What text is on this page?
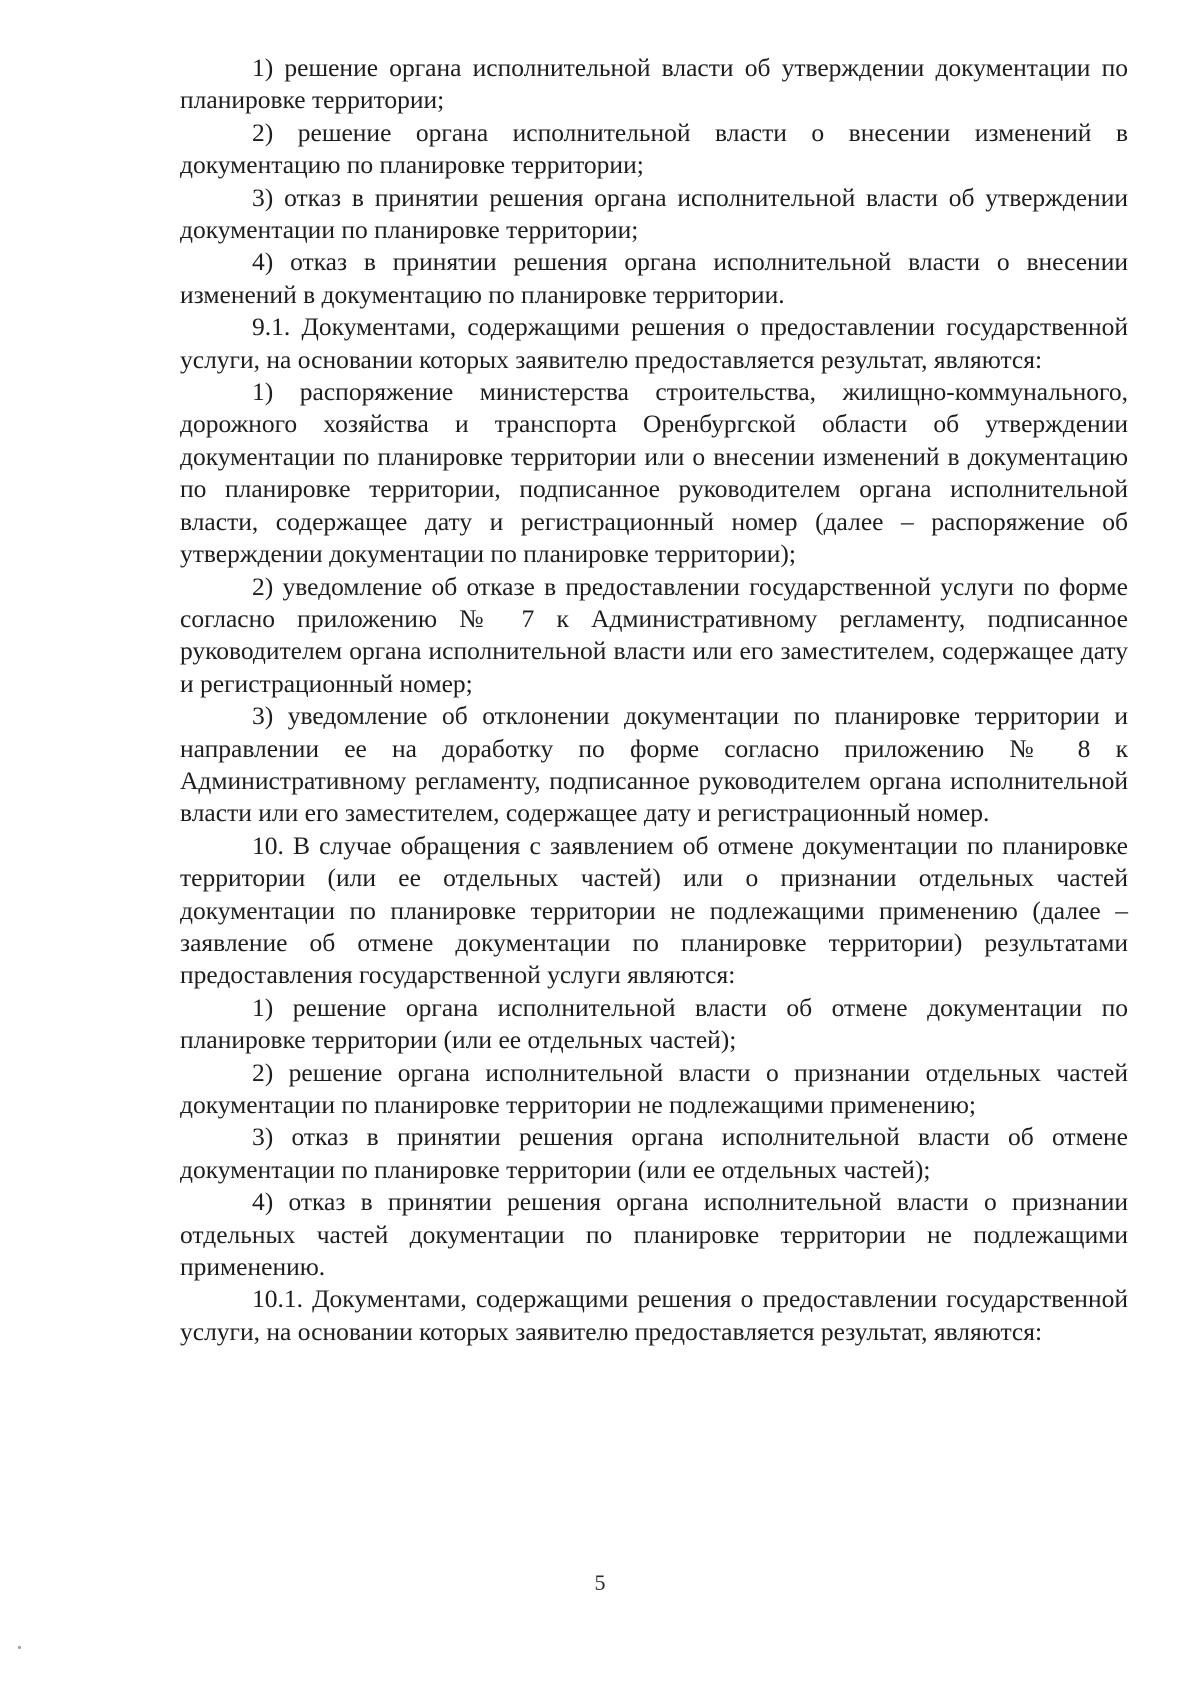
1) решение органа исполнительной власти об утверждении документации по планировке территории;

2) решение органа исполнительной власти о внесении изменений в документацию по планировке территории;

3) отказ в принятии решения органа исполнительной власти об утверждении документации по планировке территории;

4) отказ в принятии решения органа исполнительной власти о внесении изменений в документацию по планировке территории.

9.1. Документами, содержащими решения о предоставлении государственной услуги, на основании которых заявителю предоставляется результат, являются:

1) распоряжение министерства строительства, жилищно-коммунального, дорожного хозяйства и транспорта Оренбургской области об утверждении документации по планировке территории или о внесении изменений в документацию по планировке территории, подписанное руководителем органа исполнительной власти, содержащее дату и регистрационный номер (далее – распоряжение об утверждении документации по планировке территории);

2) уведомление об отказе в предоставлении государственной услуги по форме согласно приложению № 7 к Административному регламенту, подписанное руководителем органа исполнительной власти или его заместителем, содержащее дату и регистрационный номер;

3) уведомление об отклонении документации по планировке территории и направлении ее на доработку по форме согласно приложению № 8 к Административному регламенту, подписанное руководителем органа исполнительной власти или его заместителем, содержащее дату и регистрационный номер.

10. В случае обращения с заявлением об отмене документации по планировке территории (или ее отдельных частей) или о признании отдельных частей документации по планировке территории не подлежащими применению (далее – заявление об отмене документации по планировке территории) результатами предоставления государственной услуги являются:

1) решение органа исполнительной власти об отмене документации по планировке территории (или ее отдельных частей);

2) решение органа исполнительной власти о признании отдельных частей документации по планировке территории не подлежащими применению;

3) отказ в принятии решения органа исполнительной власти об отмене документации по планировке территории (или ее отдельных частей);

4) отказ в принятии решения органа исполнительной власти о признании отдельных частей документации по планировке территории не подлежащими применению.

10.1. Документами, содержащими решения о предоставлении государственной услуги, на основании которых заявителю предоставляется результат, являются:

5
